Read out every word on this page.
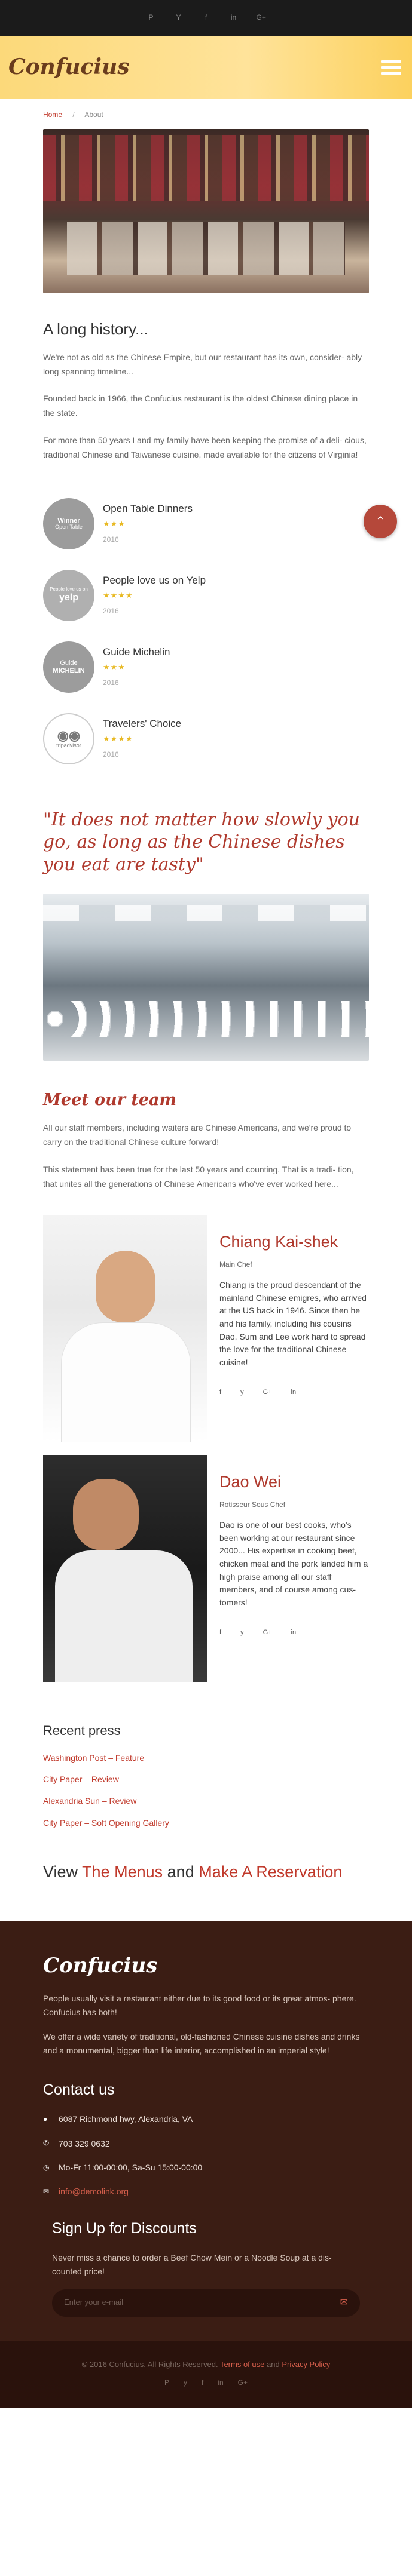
P	Y	f	in	G+
Confucius
Home / About
A long history...

We're not as old as the Chinese Empire, but our restaurant has its own, consider- ably long spanning timeline...

Founded back in 1966, the Confucius restaurant is the oldest Chinese dining place in the state.

For more than 50 years I and my family have been keeping the promise of a deli- cious, traditional Chinese and Taiwanese cuisine, made available for the citizens of Virginia!

Winner
Open Table
Open Table Dinners
★★★
2016
People love us on
yelp
People love us on Yelp
★★★★
2016
Guide
MICHELIN
Guide Michelin
★★★
2016
◉◉
tripadvisor
Travelers' Choice
★★★★
2016
"It does not matter how slowly you go, as long as the Chinese dishes you eat are tasty"
Meet our team

All our staff members, including waiters are Chinese Americans, and we're proud to carry on the traditional Chinese culture forward!

This statement has been true for the last 50 years and counting. That is a tradi- tion, that unites all the generations of Chinese Americans who've ever worked here...

Chiang Kai-shek
Main Chef
Chiang is the proud descendant of the mainland Chinese emigres, who arrived at the US back in 1946. Since then he and his family, including his cousins Dao, Sum and Lee work hard to spread the love for the traditional Chinese cuisine!
f	y	G+	in
Dao Wei
Rotisseur Sous Chef
Dao is one of our best cooks, who's been working at our restaurant since 2000... His expertise in cooking beef, chicken meat and the pork landed him a high praise among all our staff members, and of course among cus- tomers!
f	y	G+	in
Recent press
Washington Post – Feature
City Paper – Review
Alexandria Sun – Review
City Paper – Soft Opening Gallery
View The Menus and Make A Reservation
⌃
Confucius

People usually visit a restaurant either due to its good food or its great atmos- phere. Confucius has both!

We offer a wide variety of traditional, old-fashioned Chinese cuisine dishes and drinks and a monumental, bigger than life interior, accomplished in an imperial style!

Contact us
●	6087 Richmond hwy, Alexandria, VA
✆	703 329 0632
◷	Mo-Fr 11:00-00:00, Sa-Su 15:00-00:00
✉	info@demolink.org
Sign Up for Discounts

Never miss a chance to order a Beef Chow Mein or a Noodle Soup at a dis- counted price!

Enter your e-mail	✉
© 2016 Confucius. All Rights Reserved. Terms of use and Privacy Policy
P y f in G+
